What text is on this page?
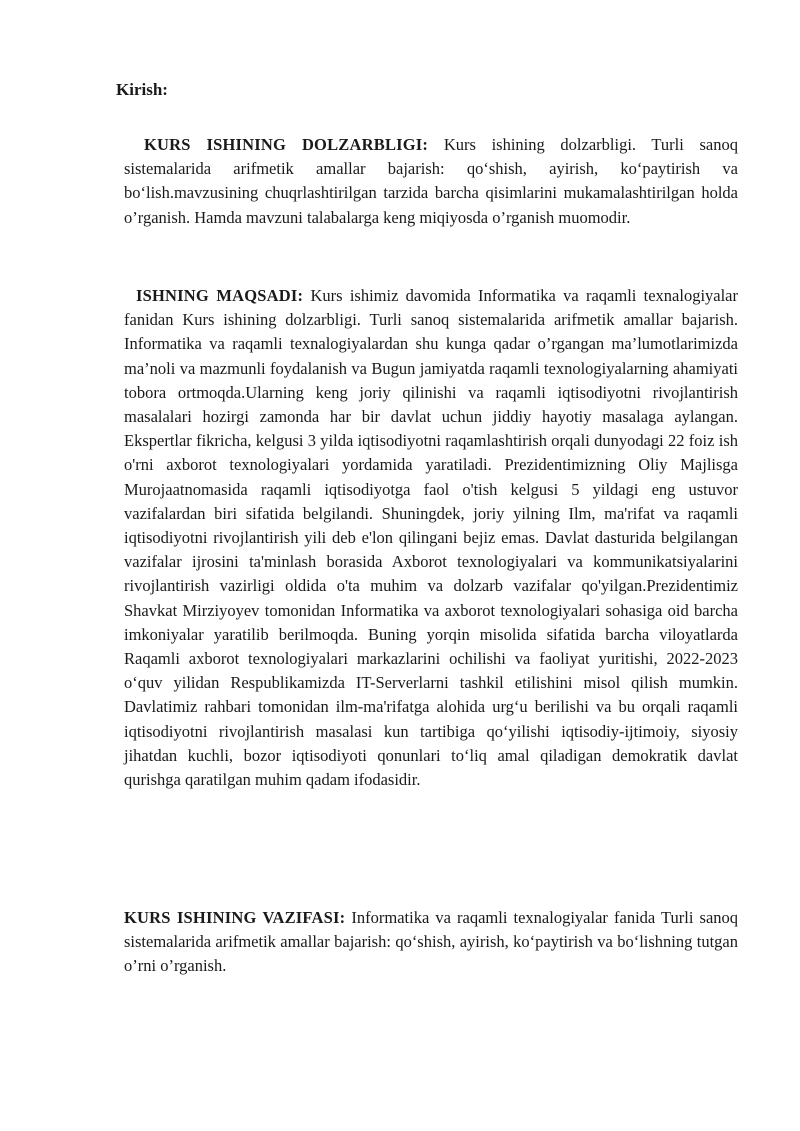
Kirish:

KURS ISHINING DOLZARBLIGI: Kurs ishining dolzarbligi. Turli sanoq sistemalarida arifmetik amallar bajarish: qo‘shish, ayirish, ko‘paytirish va bo‘lish.mavzusining chuqrlashtirilgan tarzida barcha qisimlarini mukamalashtirilgan holda o’rganish. Hamda mavzuni talabalarga keng miqiyosda o’rganish muomodir.

ISHNING MAQSADI: Kurs ishimiz davomida Informatika va raqamli texnalogiyalar fanidan Kurs ishining dolzarbligi. Turli sanoq sistemalarida arifmetik amallar bajarish. Informatika va raqamli texnalogiyalardan shu kunga qadar o’rgangan ma’lumotlarimizda ma’noli va mazmunli foydalanish va Bugun jamiyatda raqamli texnologiyalarning ahamiyati tobora ortmoqda.Ularning keng joriy qilinishi va raqamli iqtisodiyotni rivojlantirish masalalari hozirgi zamonda har bir davlat uchun jiddiy hayotiy masalaga aylangan. Ekspertlar fikricha, kelgusi 3 yilda iqtisodiyotni raqamlashtirish orqali dunyodagi 22 foiz ish o'rni axborot texnologiyalari yordamida yaratiladi. Prezidentimizning Oliy Majlisga Murojaatnomasida raqamli iqtisodiyotga faol o'tish kelgusi 5 yildagi eng ustuvor vazifalardan biri sifatida belgilandi. Shuningdek, joriy yilning Ilm, ma'rifat va raqamli iqtisodiyotni rivojlantirish yili deb e'lon qilingani bejiz emas. Davlat dasturida belgilangan vazifalar ijrosini ta'minlash borasida Axborot texnologiyalari va kommunikatsiyalarini rivojlantirish vazirligi oldida o'ta muhim va dolzarb vazifalar qo'yilgan.Prezidentimiz Shavkat Mirziyoyev tomonidan Informatika va axborot texnologiyalari sohasiga oid barcha imkoniyalar yaratilib berilmoqda. Buning yorqin misolida sifatida barcha viloyatlarda Raqamli axborot texnologiyalari markazlarini ochilishi va faoliyat yuritishi, 2022-2023 o‘quv yilidan Respublikamizda IT-Serverlarni tashkil etilishini misol qilish mumkin. Davlatimiz rahbari tomonidan ilm-ma'rifatga alohida urg‘u berilishi va bu orqali raqamli iqtisodiyotni rivojlantirish masalasi kun tartibiga qo‘yilishi iqtisodiy-ijtimoiy, siyosiy jihatdan kuchli, bozor iqtisodiyoti qonunlari to‘liq amal qiladigan demokratik davlat qurishga qaratilgan muhim qadam ifodasidir.

KURS ISHINING VAZIFASI: Informatika va raqamli texnalogiyalar fanida Turli sanoq sistemalarida arifmetik amallar bajarish: qo‘shish, ayirish, ko‘paytirish va bo‘lishning tutgan o’rni o’rganish.
